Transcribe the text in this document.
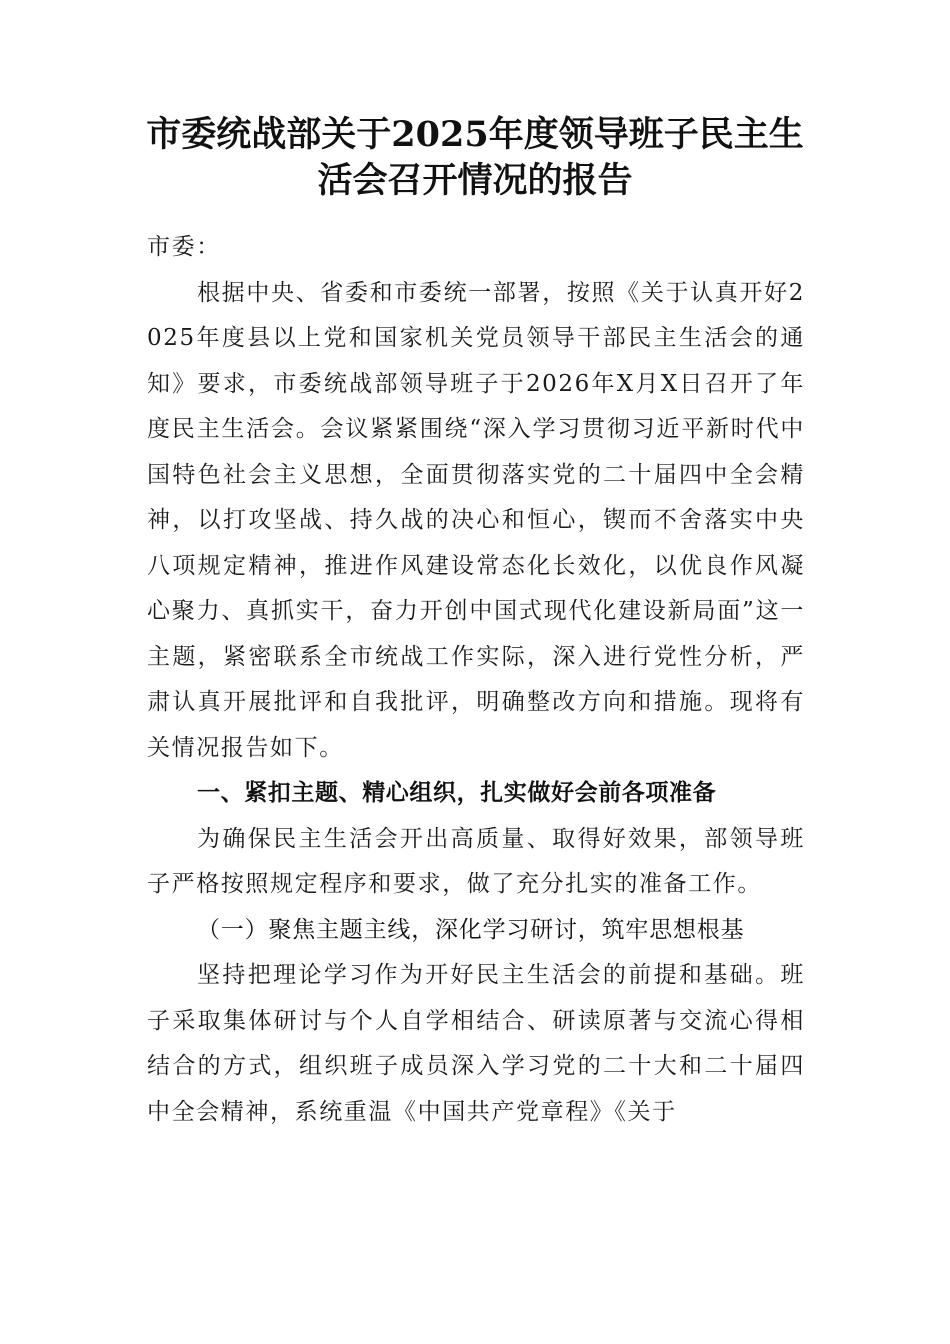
市委统战部关于2025年度领导班子民主生
活会召开情况的报告

市委：

根据中央、省委和市委统一部署，按照《关于认真开好2025年度县以上党和国家机关党员领导干部民主生活会的通知》要求，市委统战部领导班子于2026年X月X日召开了年度民主生活会。会议紧紧围绕“深入学习贯彻习近平新时代中国特色社会主义思想，全面贯彻落实党的二十届四中全会精神，以打攻坚战、持久战的决心和恒心，锲而不舍落实中央八项规定精神，推进作风建设常态化长效化，以优良作风凝心聚力、真抓实干，奋力开创中国式现代化建设新局面”这一主题，紧密联系全市统战工作实际，深入进行党性分析，严肃认真开展批评和自我批评，明确整改方向和措施。现将有关情况报告如下。

一、紧扣主题、精心组织，扎实做好会前各项准备

为确保民主生活会开出高质量、取得好效果，部领导班子严格按照规定程序和要求，做了充分扎实的准备工作。

（一）聚焦主题主线，深化学习研讨，筑牢思想根基

坚持把理论学习作为开好民主生活会的前提和基础。班子采取集体研讨与个人自学相结合、研读原著与交流心得相结合的方式，组织班子成员深入学习党的二十大和二十届四中全会精神，系统重温《中国共产党章程》《关于
